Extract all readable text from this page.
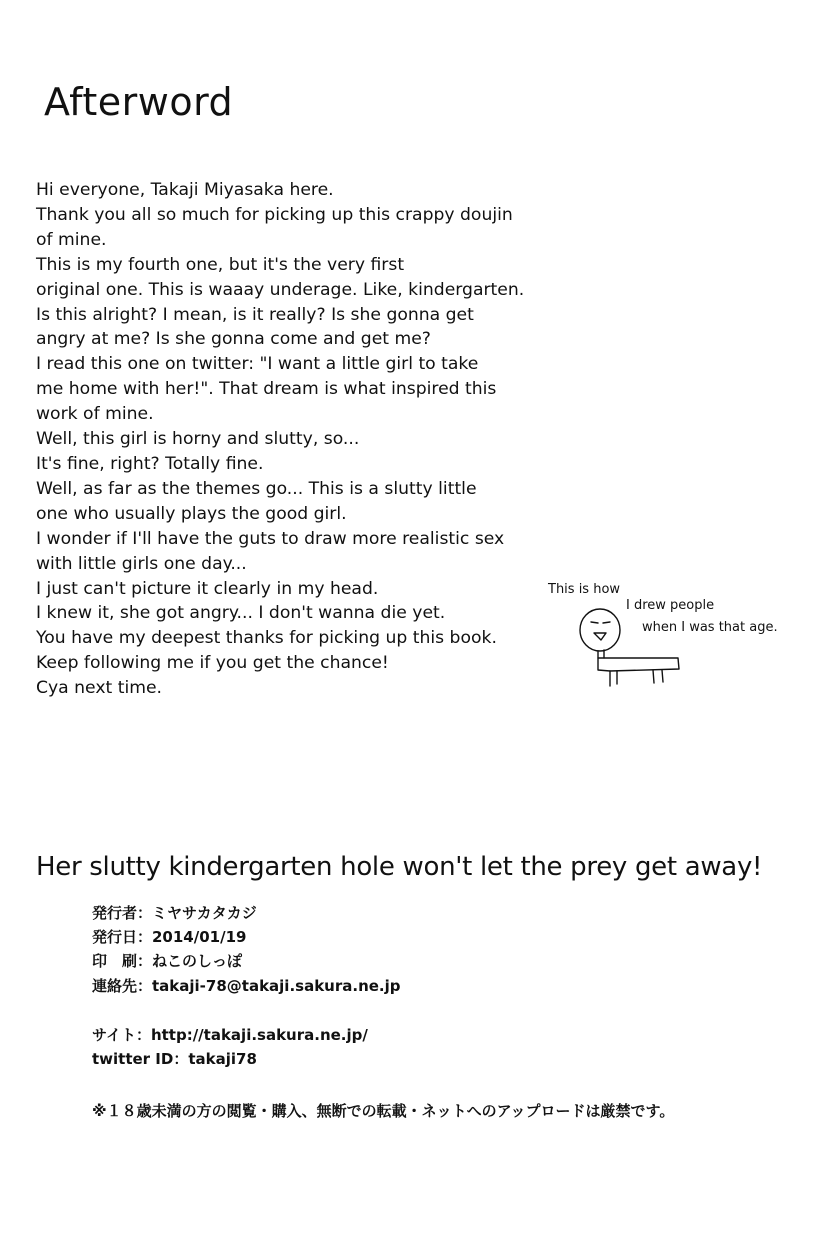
Afterword
Hi everyone, Takaji Miyasaka here.
Thank you all so much for picking up this crappy doujin
of mine.
This is my fourth one, but it's the very first
original one. This is waaay underage. Like, kindergarten.
Is this alright? I mean, is it really? Is she gonna get
angry at me? Is she gonna come and get me?
I read this one on twitter: "I want a little girl to take
me home with her!". That dream is what inspired this
work of mine.
Well, this girl is horny and slutty, so...
It's fine, right? Totally fine.
Well, as far as the themes go... This is a slutty little
one who usually plays the good girl.
I wonder if I'll have the guts to draw more realistic sex
with little girls one day...
I just can't picture it clearly in my head.
I knew it, she got angry... I don't wanna die yet.
You have my deepest thanks for picking up this book.
Keep following me if you get the chance!
Cya next time.
This is how
I drew people
when I was that age.
Her slutty kindergarten hole won't let the prey get away!

発行者：ミヤサカタカジ

発行日：2014/01/19

印　刷：ねこのしっぽ

連絡先：takaji-78@takaji.sakura.ne.jp

サイト：http://takaji.sakura.ne.jp/

twitter ID：takaji78

※１８歳未満の方の閲覧・購入、無断での転載・ネットへのアップロードは厳禁です。
